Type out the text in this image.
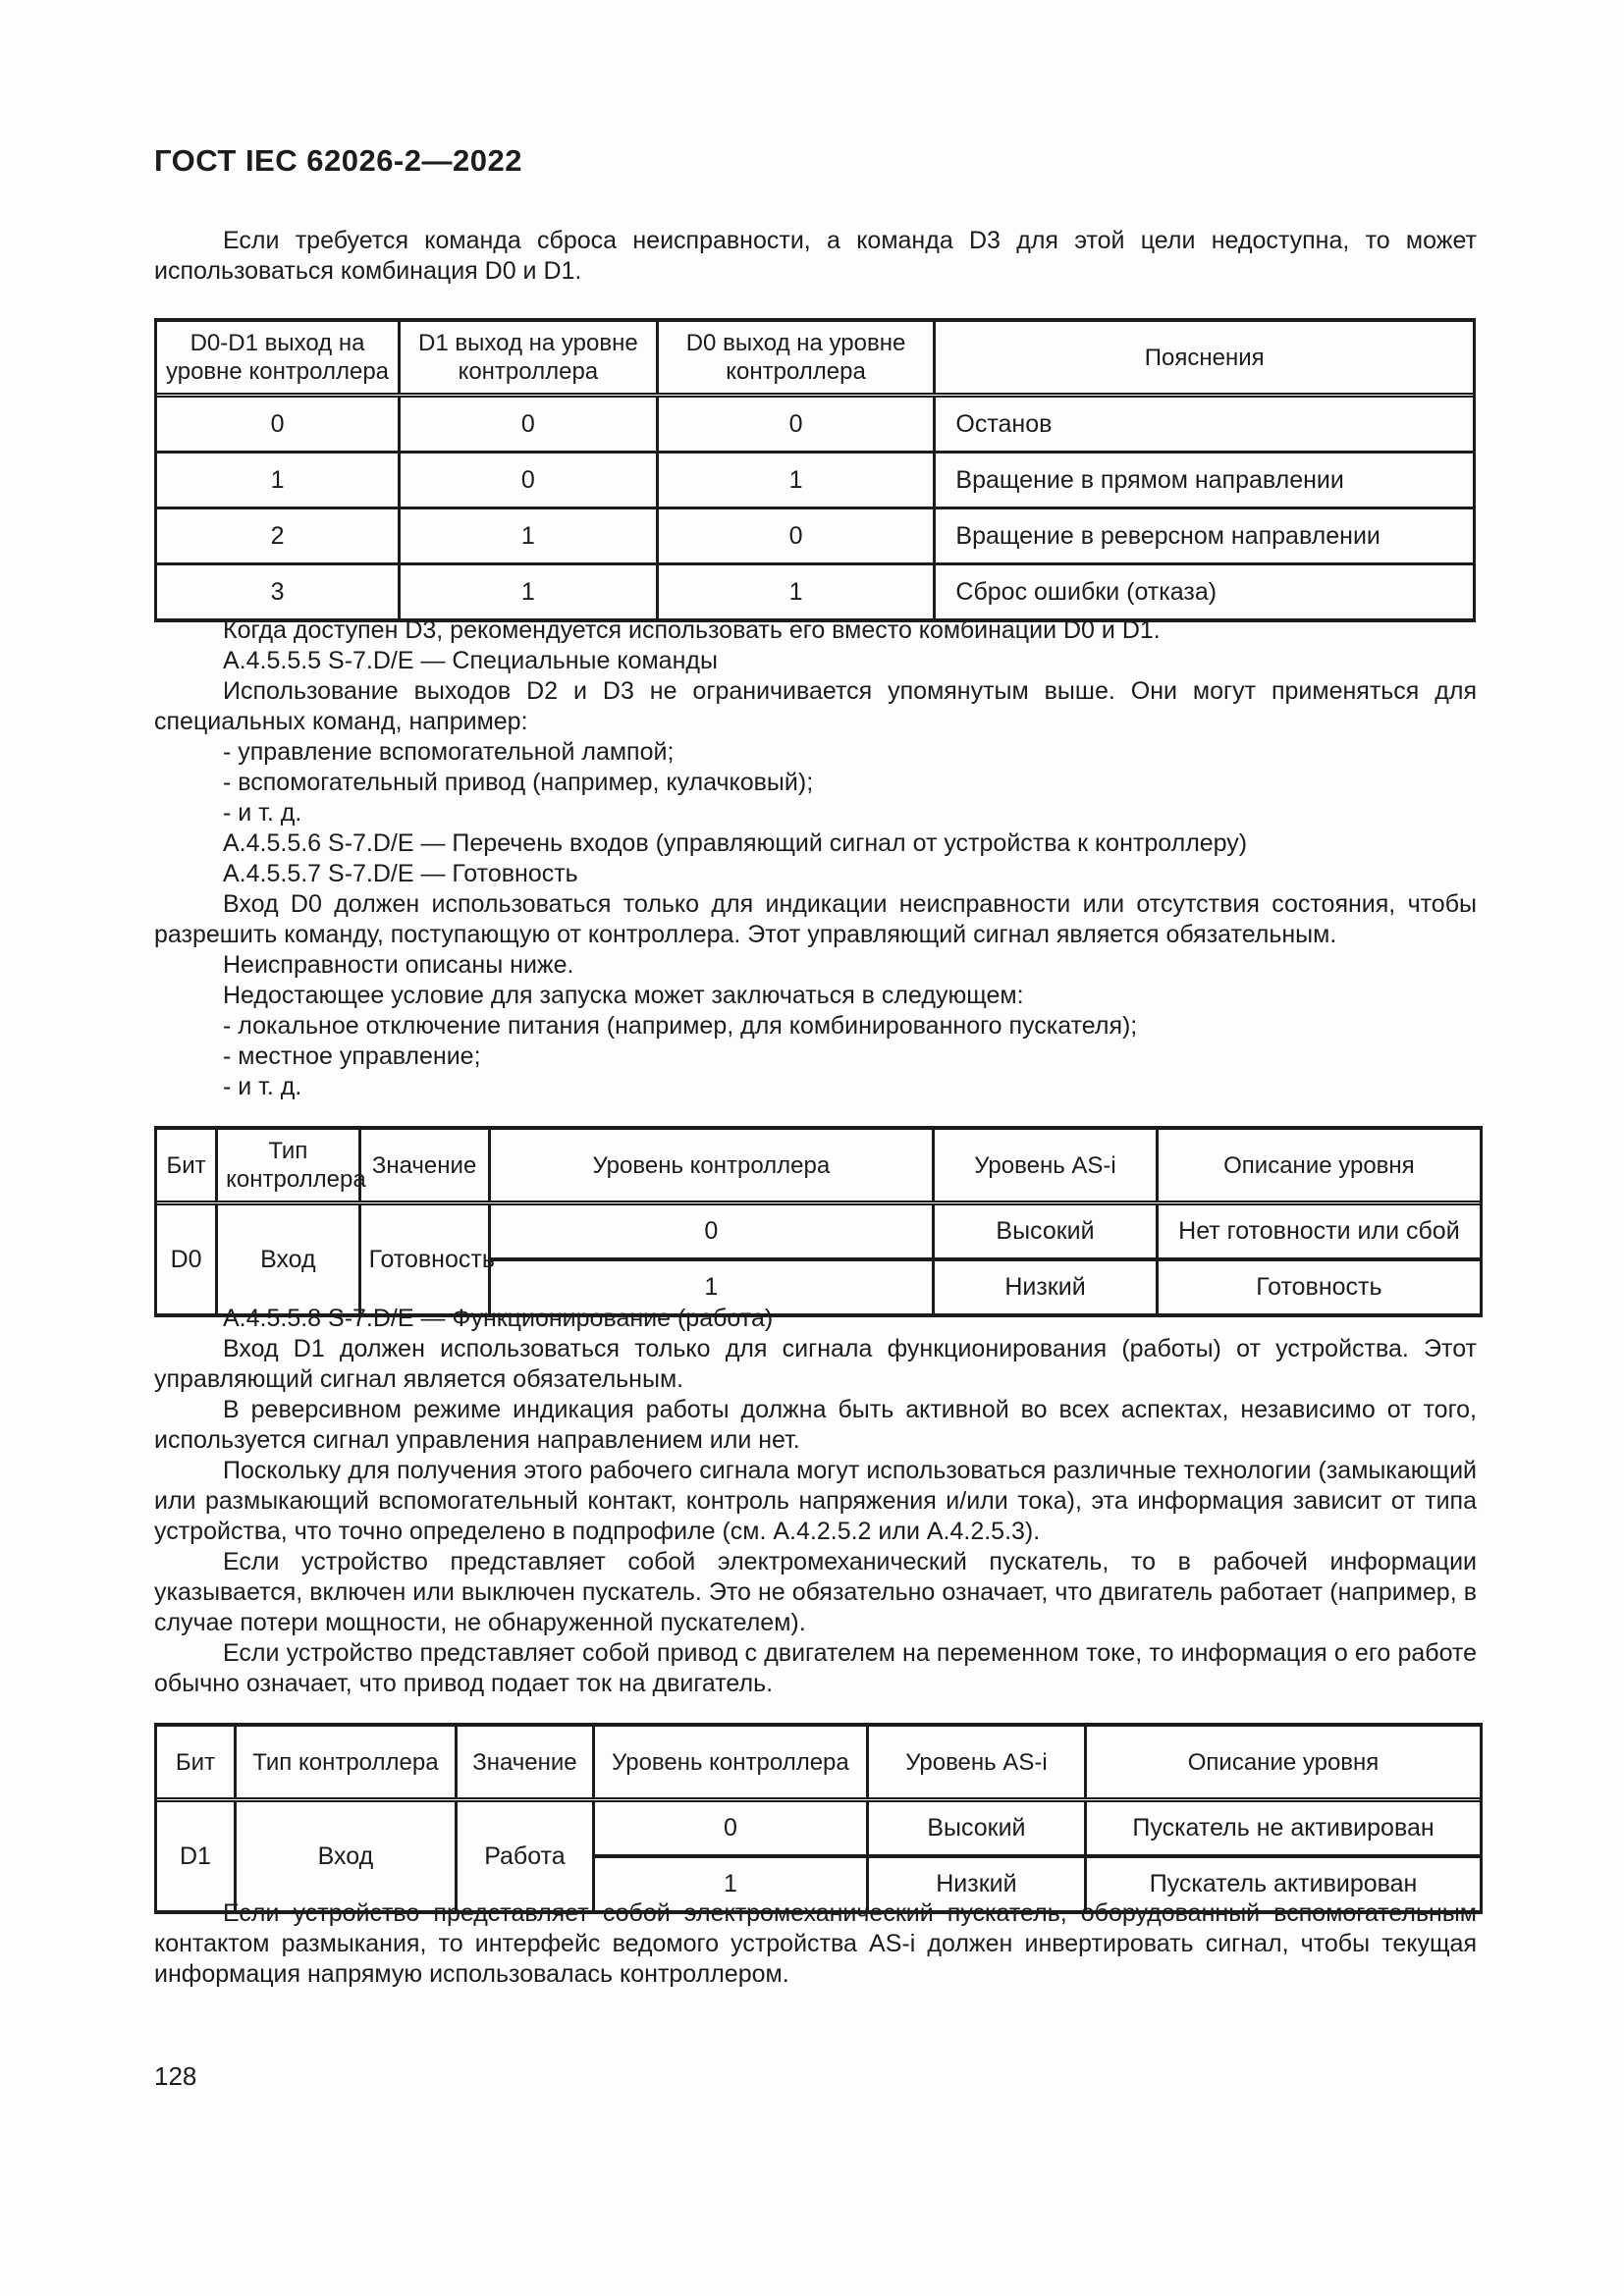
ГОСТ IEC 62026-2—2022

Если требуется команда сброса неисправности, а команда D3 для этой цели недоступна, то может использоваться комбинация D0 и D1.

D0-D1 выход на уровне контроллера	D1 выход на уровне контроллера	D0 выход на уровне контроллера	Пояснения
0	0	0	Останов
1	0	1	Вращение в прямом направлении
2	1	0	Вращение в реверсном направлении
3	1	1	Сброс ошибки (отказа)

Когда доступен D3, рекомендуется использовать его вместо комбинации D0 и D1.

А.4.5.5.5 S-7.D/E — Специальные команды

Использование выходов D2 и D3 не ограничивается упомянутым выше. Они могут применяться для специальных команд, например:

- управление вспомогательной лампой;

- вспомогательный привод (например, кулачковый);

- и т. д.

А.4.5.5.6 S-7.D/E — Перечень входов (управляющий сигнал от устройства к контроллеру)

А.4.5.5.7 S-7.D/E — Готовность

Вход D0 должен использоваться только для индикации неисправности или отсутствия состояния, чтобы разрешить команду, поступающую от контроллера. Этот управляющий сигнал является обязательным.

Неисправности описаны ниже.

Недостающее условие для запуска может заключаться в следующем:

- локальное отключение питания (например, для комбинированного пускателя);

- местное управление;

- и т. д.

Бит	Тип контроллера	Значение	Уровень контроллера	Уровень AS-i	Описание уровня
D0	Вход	Готовность	0	Высокий	Нет готовности или сбой
			1	Низкий	Готовность

А.4.5.5.8 S-7.D/E — Функционирование (работа)

Вход D1 должен использоваться только для сигнала функционирования (работы) от устройства. Этот управляющий сигнал является обязательным.

В реверсивном режиме индикация работы должна быть активной во всех аспектах, независимо от того, используется сигнал управления направлением или нет.

Поскольку для получения этого рабочего сигнала могут использоваться различные технологии (замыкающий или размыкающий вспомогательный контакт, контроль напряжения и/или тока), эта информация зависит от типа устройства, что точно определено в подпрофиле (см. А.4.2.5.2 или А.4.2.5.3).

Если устройство представляет собой электромеханический пускатель, то в рабочей информации указывается, включен или выключен пускатель. Это не обязательно означает, что двигатель работает (например, в случае потери мощности, не обнаруженной пускателем).

Если устройство представляет собой привод с двигателем на переменном токе, то информация о его работе обычно означает, что привод подает ток на двигатель.

Бит	Тип контроллера	Значение	Уровень контроллера	Уровень AS-i	Описание уровня
D1	Вход	Работа	0	Высокий	Пускатель не активирован
			1	Низкий	Пускатель активирован

Если устройство представляет собой электромеханический пускатель, оборудованный вспомогательным контактом размыкания, то интерфейс ведомого устройства AS-i должен инвертировать сигнал, чтобы текущая информация напрямую использовалась контроллером.

128
